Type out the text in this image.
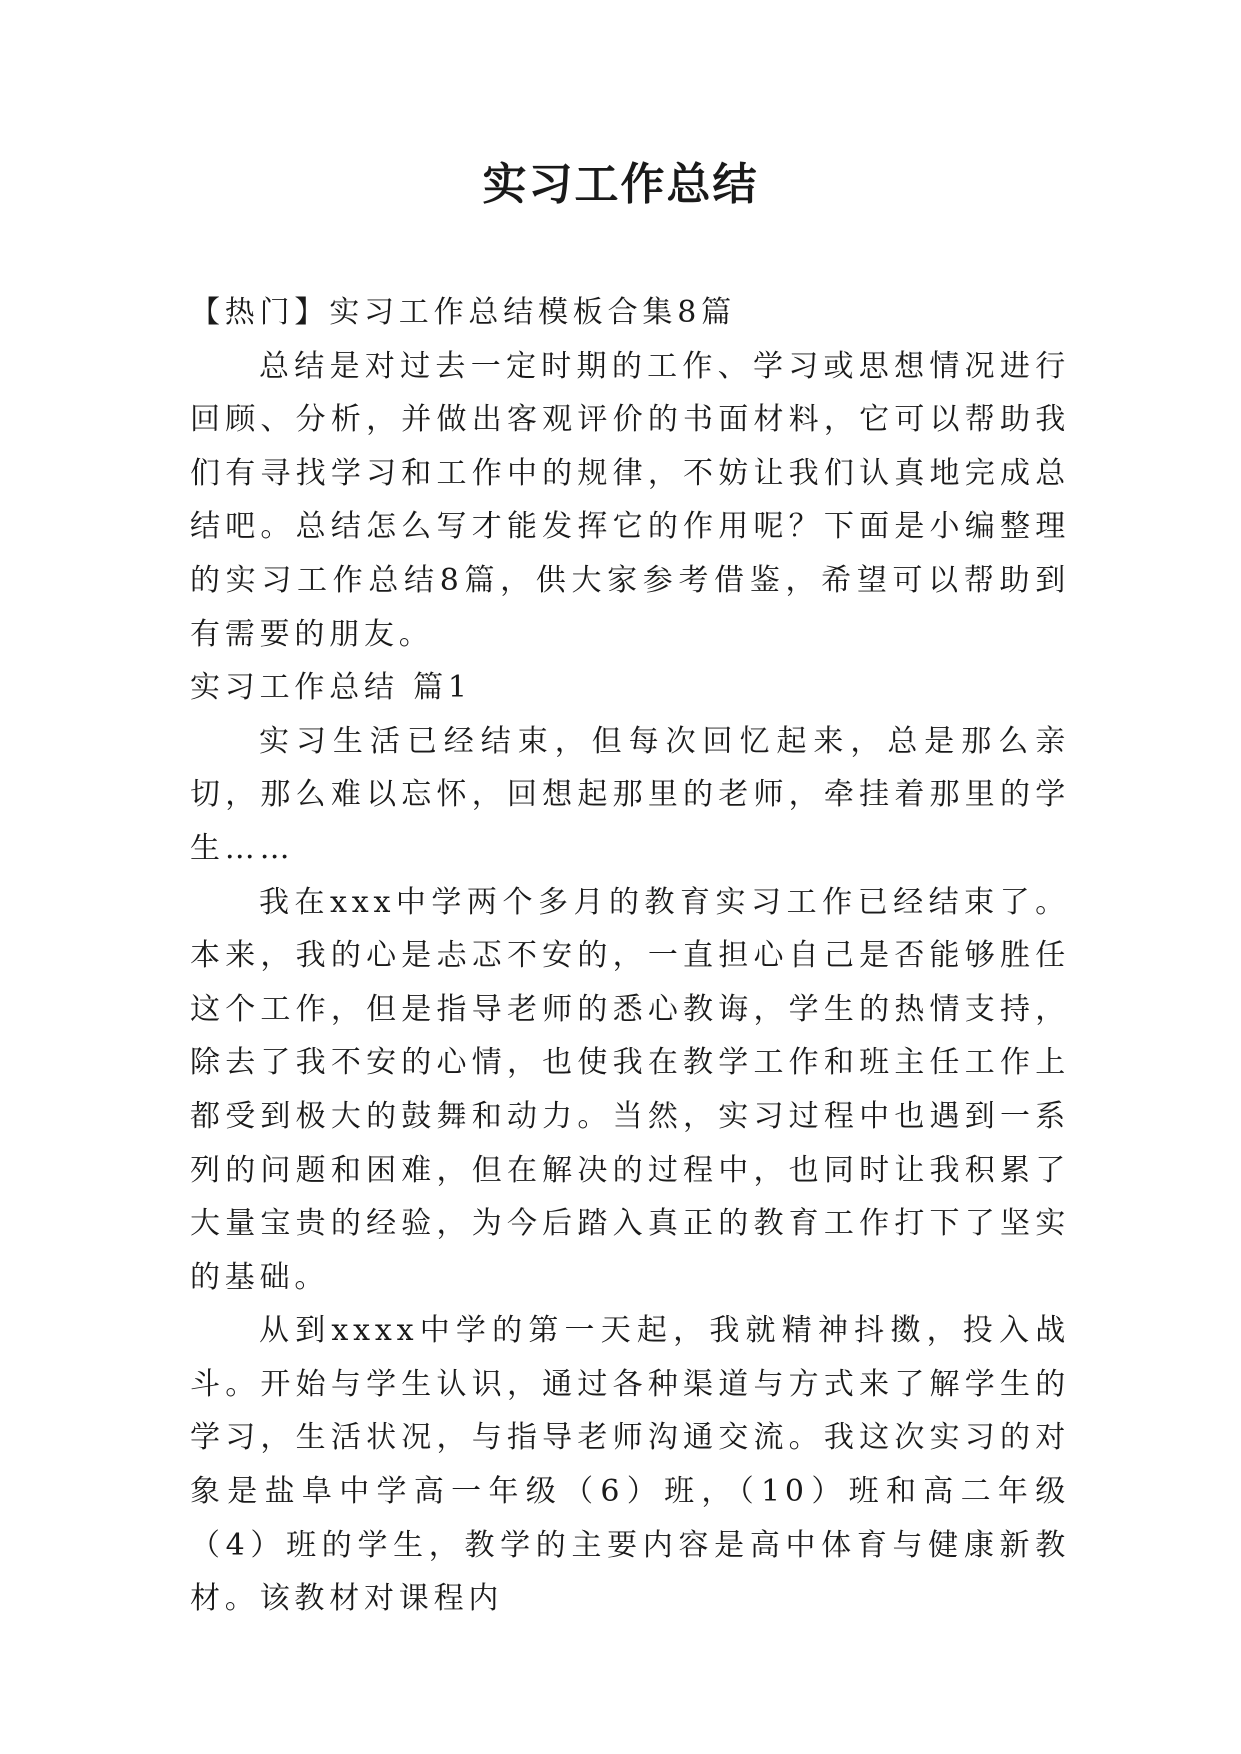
实习工作总结

【热门】实习工作总结模板合集8篇

总结是对过去一定时期的工作、学习或思想情况进行回顾、分析，并做出客观评价的书面材料，它可以帮助我们有寻找学习和工作中的规律，不妨让我们认真地完成总结吧。总结怎么写才能发挥它的作用呢？下面是小编整理的实习工作总结8篇，供大家参考借鉴，希望可以帮助到有需要的朋友。

实习工作总结 篇1

实习生活已经结束，但每次回忆起来，总是那么亲切，那么难以忘怀，回想起那里的老师，牵挂着那里的学生……

我在xxx中学两个多月的教育实习工作已经结束了。本来，我的心是忐忑不安的，一直担心自己是否能够胜任这个工作，但是指导老师的悉心教诲，学生的热情支持，除去了我不安的心情，也使我在教学工作和班主任工作上都受到极大的鼓舞和动力。当然，实习过程中也遇到一系列的问题和困难，但在解决的过程中，也同时让我积累了大量宝贵的经验，为今后踏入真正的教育工作打下了坚实的基础。

从到xxxx中学的第一天起，我就精神抖擞，投入战斗。开始与学生认识，通过各种渠道与方式来了解学生的学习，生活状况，与指导老师沟通交流。我这次实习的对象是盐阜中学高一年级（6）班，（10）班和高二年级（4）班的学生，教学的主要内容是高中体育与健康新教材。该教材对课程内
